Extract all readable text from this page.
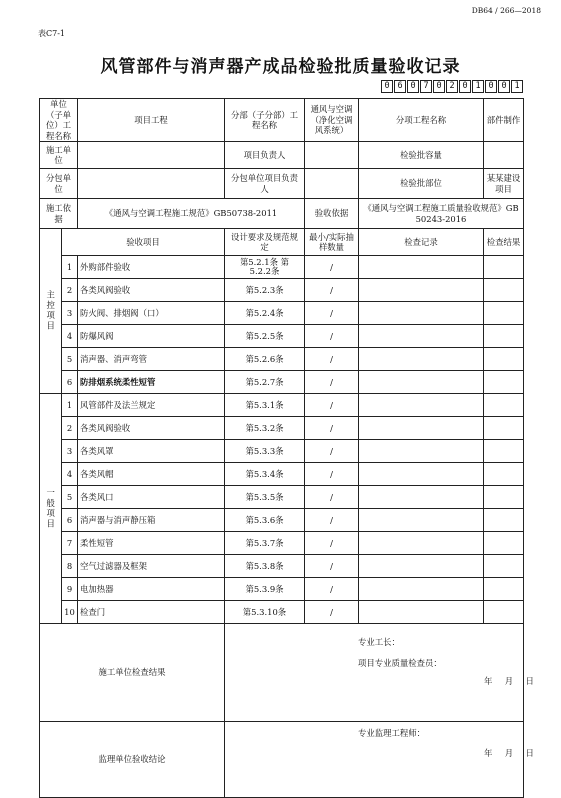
DB64 / 266—2018
表C7-1
风管部件与消声器产成品检验批质量验收记录
0 6 0 7 0 2 0 1 0 0 1
单位（子单位）工程名称		项目工程	分部（子分部）工程名称	通风与空调（净化空调风系统）	分项工程名称	部件制作
施工单位			项目负责人		检验批容量	
分包单位			分包单位项目负责人		检验批部位	某某建设项目
施工依据		《通风与空调工程施工规范》GB50738-2011		验收依据	《通风与空调工程施工质量验收规范》GB 50243-2016	
主控项目	验收项目		设计要求及规范规定	最小/实际抽样数量	检查记录	检查结果
	1	外购部件验收	第5.2.1条 第5.2.2条	/		
	2	各类风阀验收	第5.2.3条	/		
	3	防火阀、排烟阀（口）	第5.2.4条	/		
	4	防爆风阀	第5.2.5条	/		
	5	消声器、消声弯管	第5.2.6条	/		
	6	防排烟系统柔性短管	第5.2.7条	/		
一般项目	1	风管部件及法兰规定	第5.3.1条	/		
	2	各类风阀验收	第5.3.2条	/		
	3	各类风罩	第5.3.3条	/		
	4	各类风帽	第5.3.4条	/		
	5	各类风口	第5.3.5条	/		
	6	消声器与消声静压箱	第5.3.6条	/		
	7	柔性短管	第5.3.7条	/		
	8	空气过滤器及框架	第5.3.8条	/		
	9	电加热器	第5.3.9条	/		
	10	检查门	第5.3.10条	/		
施工单位检查结果						
监理单位验收结论						
专业工长：
项目专业质量检查员：
年　月　日
专业监理工程师：
年　月　日
